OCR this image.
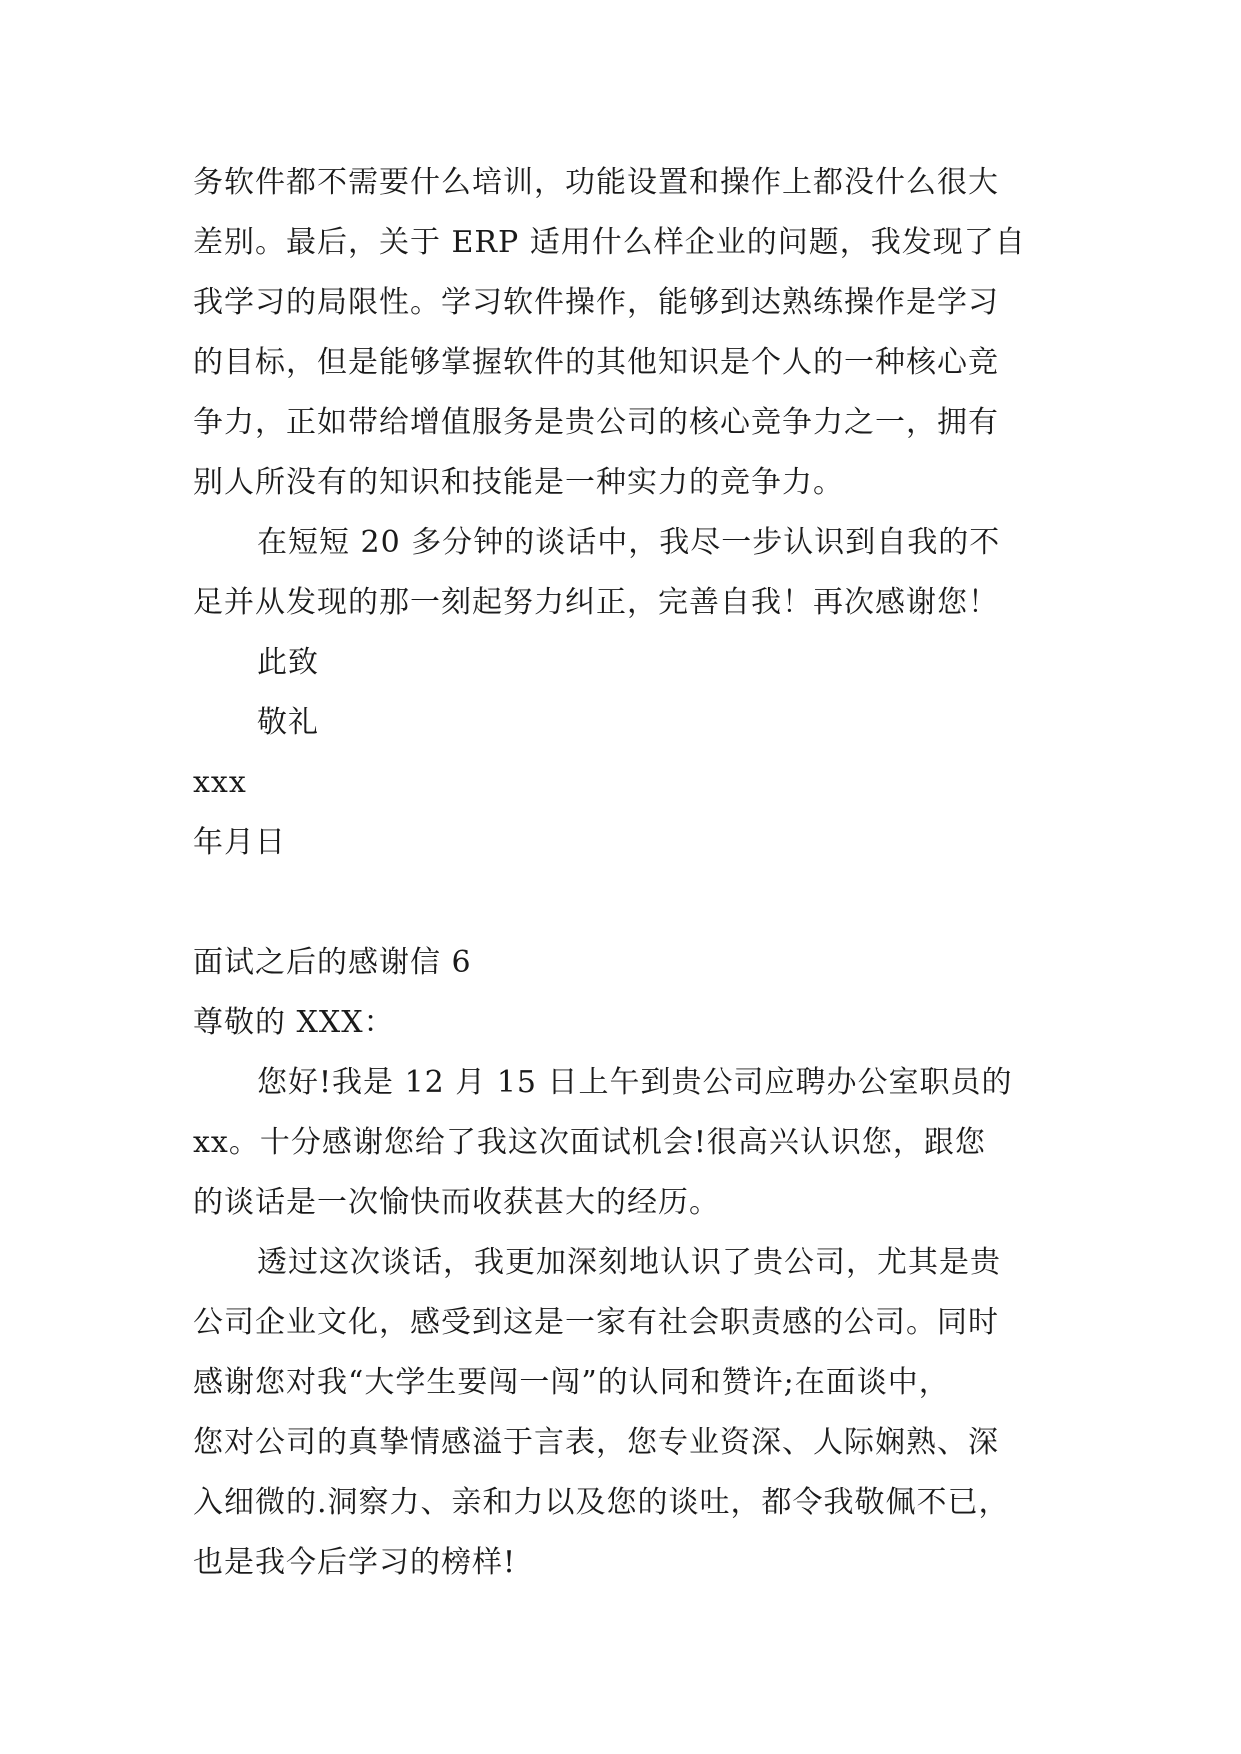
务软件都不需要什么培训，功能设置和操作上都没什么很大
差别。最后，关于 ERP 适用什么样企业的问题，我发现了自
我学习的局限性。学习软件操作，能够到达熟练操作是学习
的目标，但是能够掌握软件的其他知识是个人的一种核心竞
争力，正如带给增值服务是贵公司的核心竞争力之一，拥有
别人所没有的知识和技能是一种实力的竞争力。
在短短 20 多分钟的谈话中，我尽一步认识到自我的不
足并从发现的那一刻起努力纠正，完善自我！再次感谢您！
此致
敬礼
xxx
年月日
面试之后的感谢信 6
尊敬的 XXX：
您好!我是 12 月 15 日上午到贵公司应聘办公室职员的
xx。十分感谢您给了我这次面试机会!很高兴认识您，跟您
的谈话是一次愉快而收获甚大的经历。
透过这次谈话，我更加深刻地认识了贵公司，尤其是贵
公司企业文化，感受到这是一家有社会职责感的公司。同时
感谢您对我“大学生要闯一闯”的认同和赞许;在面谈中，
您对公司的真挚情感溢于言表，您专业资深、人际娴熟、深
入细微的.洞察力、亲和力以及您的谈吐，都令我敬佩不已，
也是我今后学习的榜样!
